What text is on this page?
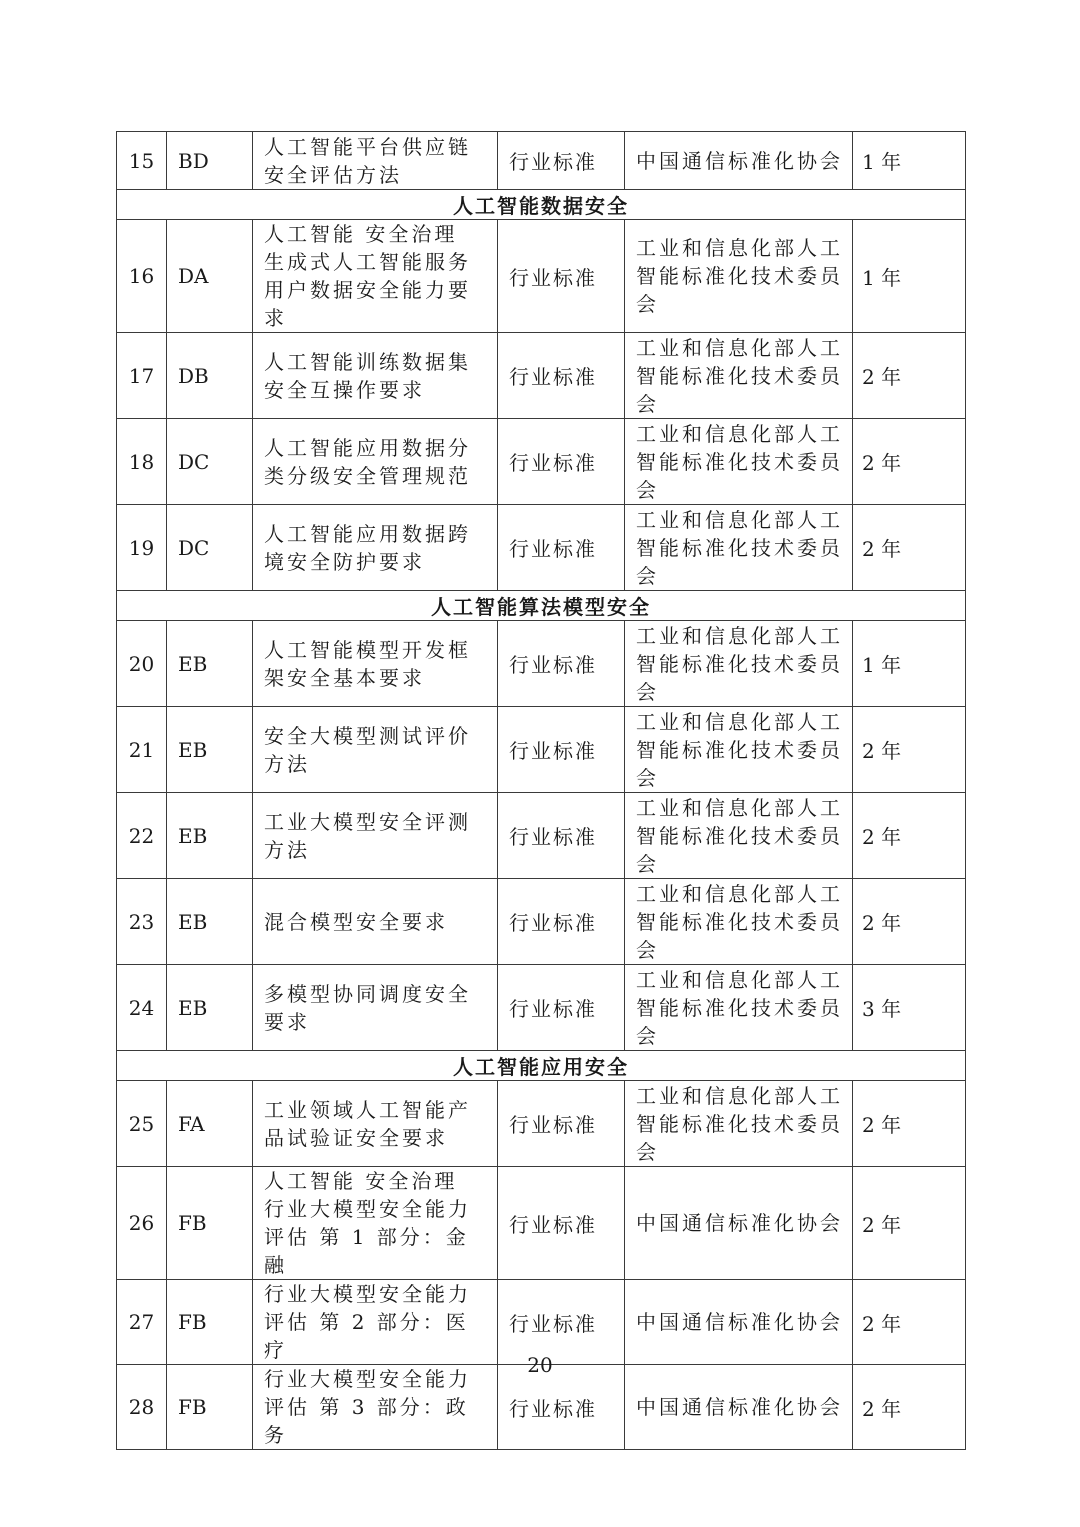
15	BD	人工智能平台供应链安全评估方法	行业标准	中国通信标准化协会	1 年
人工智能数据安全					
16	DA	人工智能 安全治理 生成式人工智能服务用户数据安全能力要求	行业标准	工业和信息化部人工智能标准化技术委员会	1 年
17	DB	人工智能训练数据集安全互操作要求	行业标准	工业和信息化部人工智能标准化技术委员会	2 年
18	DC	人工智能应用数据分类分级安全管理规范	行业标准	工业和信息化部人工智能标准化技术委员会	2 年
19	DC	人工智能应用数据跨境安全防护要求	行业标准	工业和信息化部人工智能标准化技术委员会	2 年
人工智能算法模型安全					
20	EB	人工智能模型开发框架安全基本要求	行业标准	工业和信息化部人工智能标准化技术委员会	1 年
21	EB	安全大模型测试评价方法	行业标准	工业和信息化部人工智能标准化技术委员会	2 年
22	EB	工业大模型安全评测方法	行业标准	工业和信息化部人工智能标准化技术委员会	2 年
23	EB	混合模型安全要求	行业标准	工业和信息化部人工智能标准化技术委员会	2 年
24	EB	多模型协同调度安全要求	行业标准	工业和信息化部人工智能标准化技术委员会	3 年
人工智能应用安全					
25	FA	工业领域人工智能产品试验证安全要求	行业标准	工业和信息化部人工智能标准化技术委员会	2 年
26	FB	人工智能 安全治理 行业大模型安全能力评估 第 1 部分：金融	行业标准	中国通信标准化协会	2 年
27	FB	行业大模型安全能力评估 第 2 部分：医疗	行业标准	中国通信标准化协会	2 年
28	FB	行业大模型安全能力评估 第 3 部分：政务	行业标准	中国通信标准化协会	2 年
20
